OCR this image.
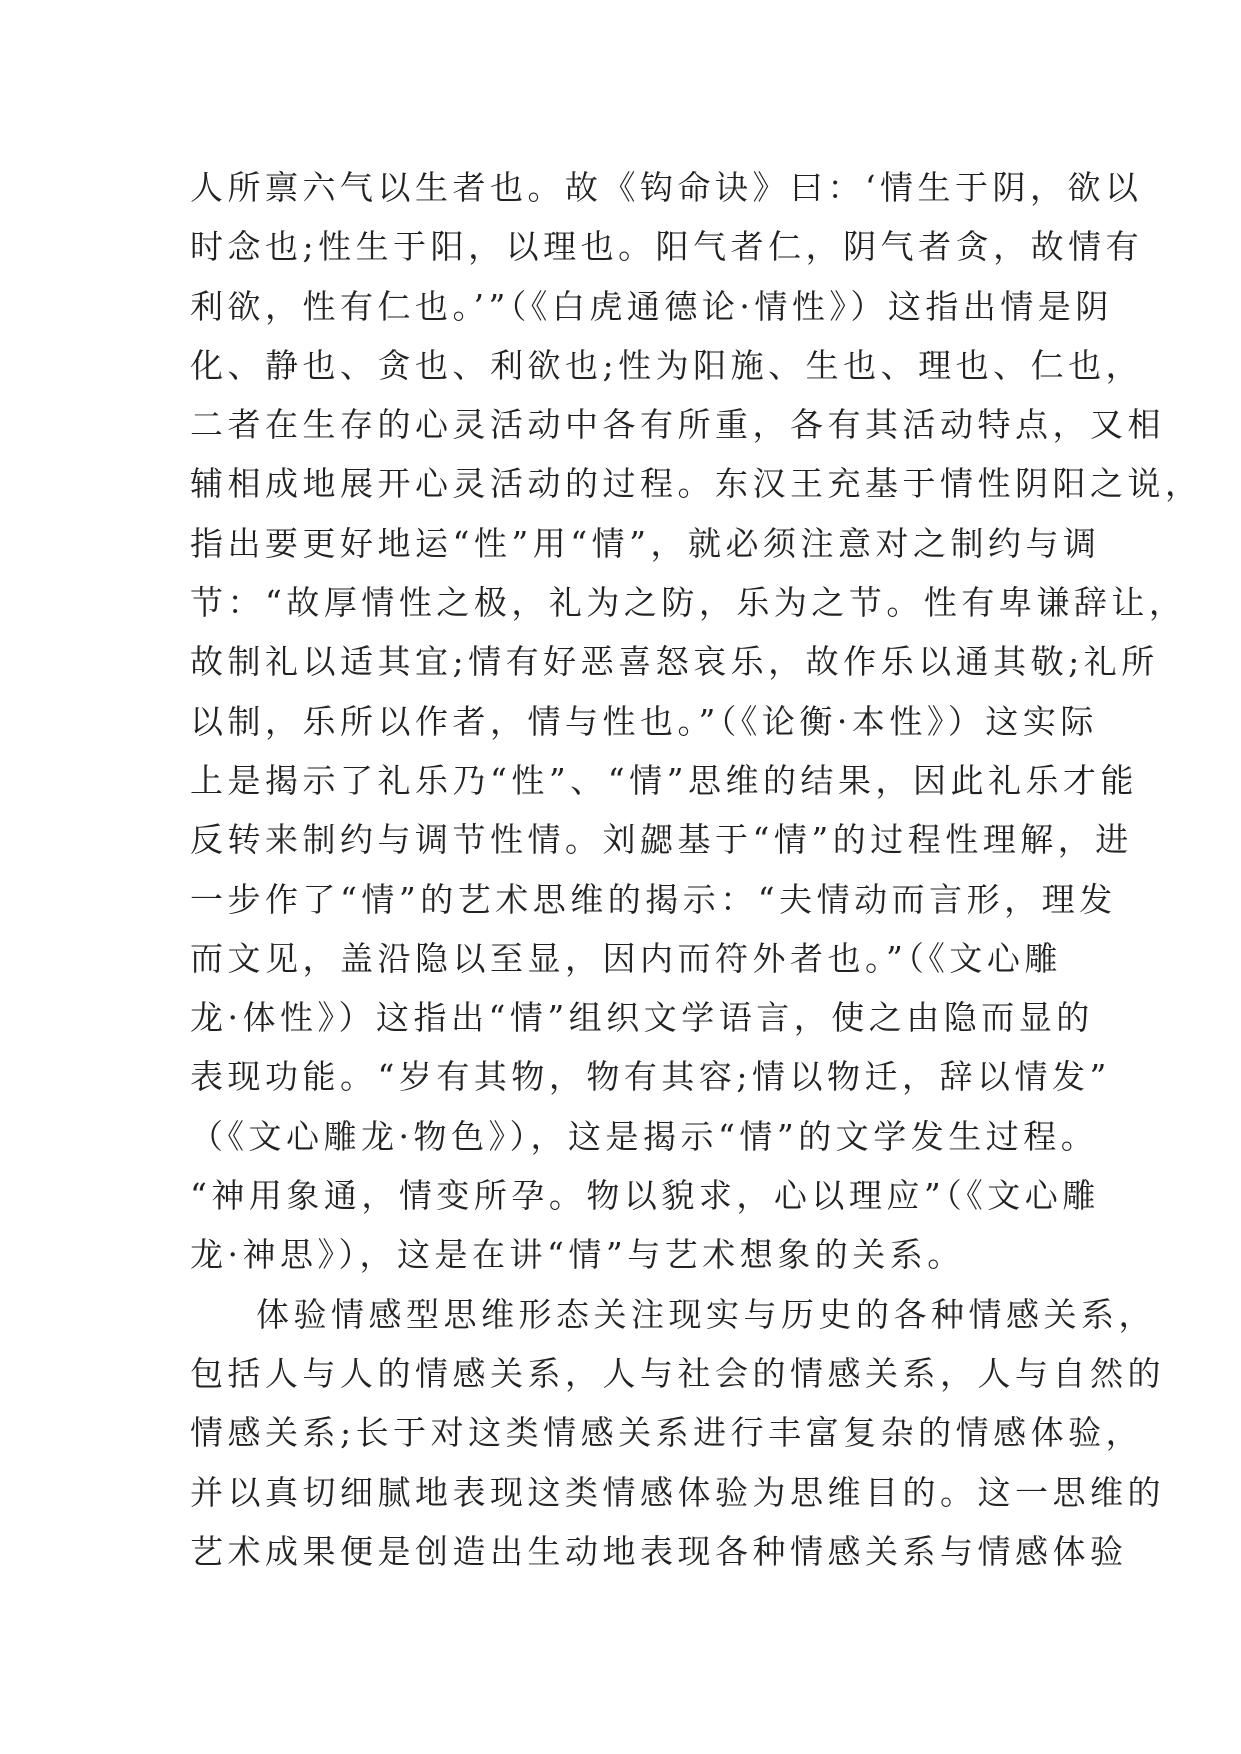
人所禀六气以生者也。故《钩命诀》曰：‘情生于阴，欲以
时念也;性生于阳，以理也。阳气者仁，阴气者贪，故情有
利欲，性有仁也。’”（《白虎通德论·情性》）这指出情是阴
化、静也、贪也、利欲也;性为阳施、生也、理也、仁也，
二者在生存的心灵活动中各有所重，各有其活动特点，又相
辅相成地展开心灵活动的过程。东汉王充基于情性阴阳之说，
指出要更好地运“性”用“情”，就必须注意对之制约与调
节：“故厚情性之极，礼为之防，乐为之节。性有卑谦辞让，
故制礼以适其宜;情有好恶喜怒哀乐，故作乐以通其敬;礼所
以制，乐所以作者，情与性也。”（《论衡·本性》）这实际
上是揭示了礼乐乃“性”、“情”思维的结果，因此礼乐才能
反转来制约与调节性情。刘勰基于“情”的过程性理解，进
一步作了“情”的艺术思维的揭示：“夫情动而言形，理发
而文见，盖沿隐以至显，因内而符外者也。”（《文心雕
龙·体性》）这指出“情”组织文学语言，使之由隐而显的
表现功能。“岁有其物，物有其容;情以物迁，辞以情发”
（《文心雕龙·物色》），这是揭示“情”的文学发生过程。
“神用象通，情变所孕。物以貌求，心以理应”（《文心雕
龙·神思》），这是在讲“情”与艺术想象的关系。
体验情感型思维形态关注现实与历史的各种情感关系，
包括人与人的情感关系，人与社会的情感关系，人与自然的
情感关系;长于对这类情感关系进行丰富复杂的情感体验，
并以真切细腻地表现这类情感体验为思维目的。这一思维的
艺术成果便是创造出生动地表现各种情感关系与情感体验
